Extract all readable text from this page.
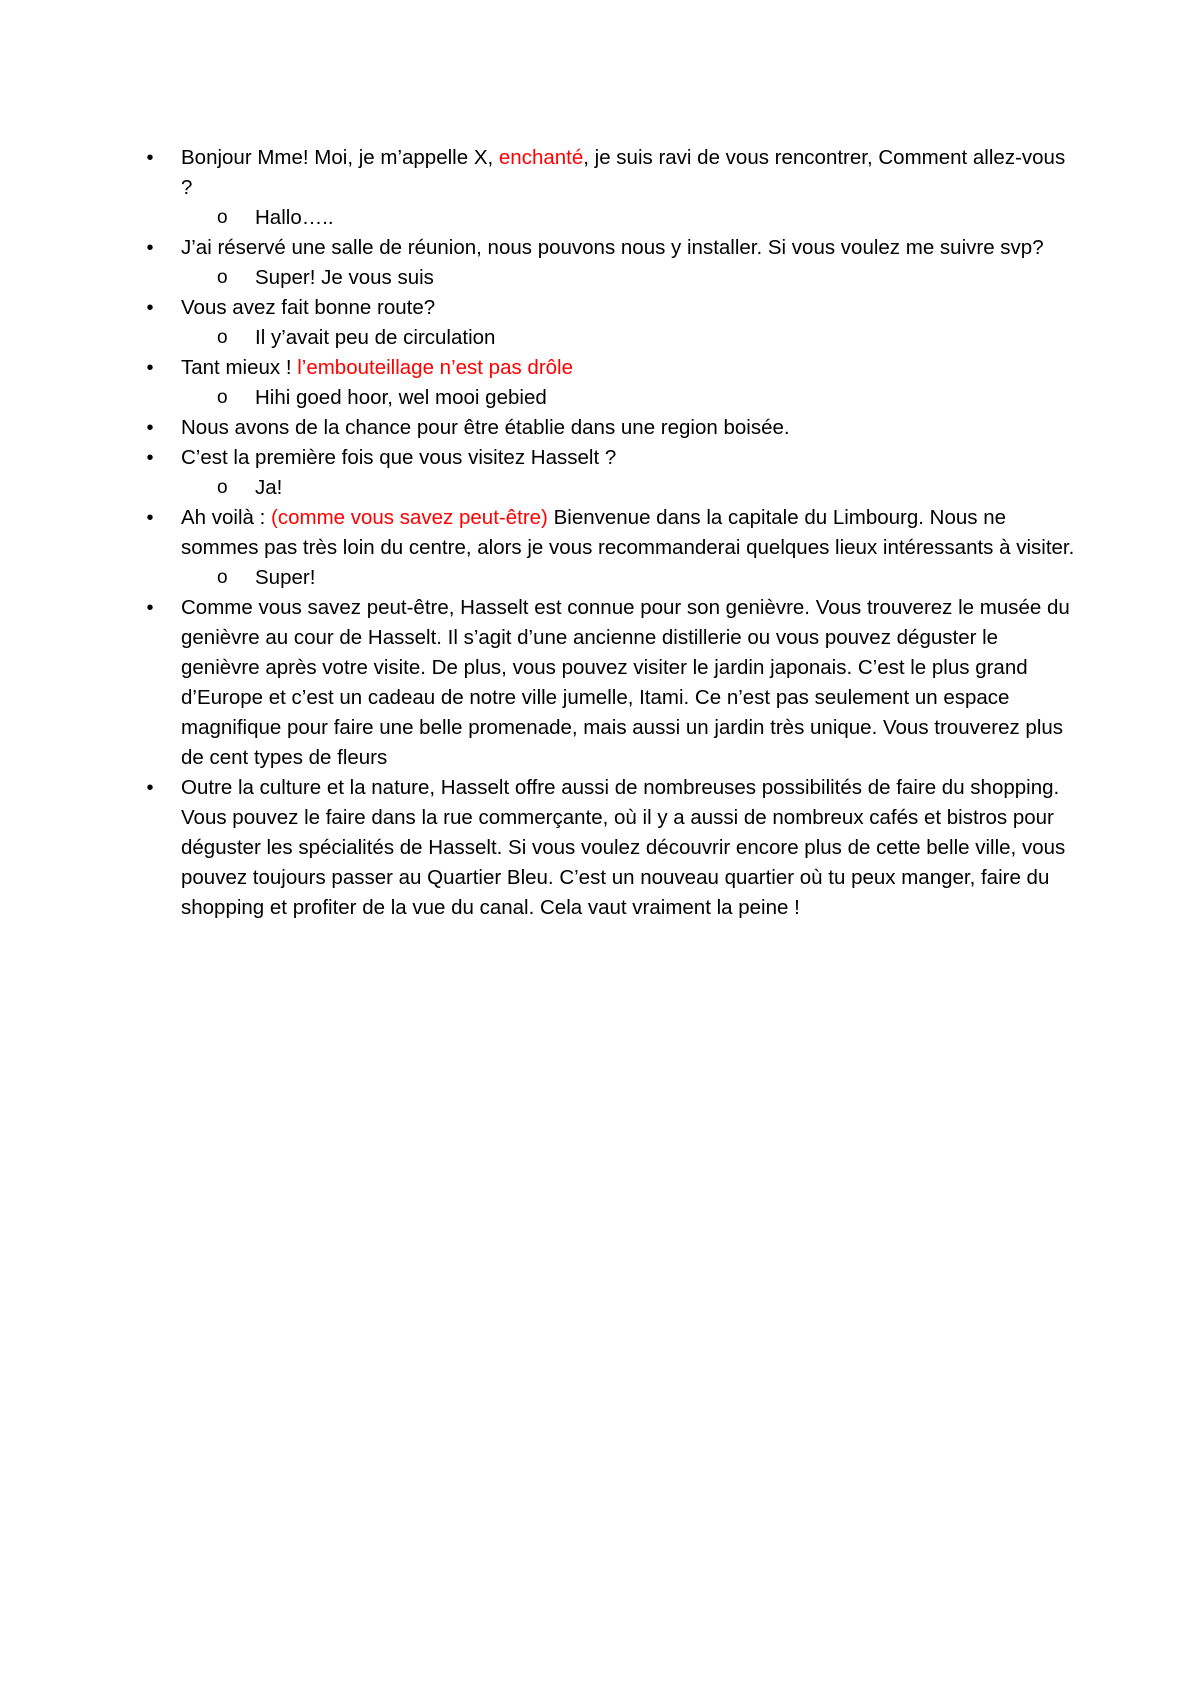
• Bonjour Mme! Moi, je m’appelle X, enchanté, je suis ravi de vous rencontrer, Comment allez-vous ?
o Hallo…..
• J’ai réservé une salle de réunion, nous pouvons nous y installer. Si vous voulez me suivre svp?
o Super! Je vous suis
• Vous avez fait bonne route?
o Il y’avait peu de circulation
• Tant mieux ! l’embouteillage n’est pas drôle
o Hihi goed hoor, wel mooi gebied
• Nous avons de la chance pour être établie dans une region boisée.
• C’est la première fois que vous visitez Hasselt ?
o Ja!
• Ah voilà : (comme vous savez peut-être) Bienvenue dans la capitale du Limbourg. Nous ne sommes pas très loin du centre, alors je vous recommanderai quelques lieux intéressants à visiter.
o Super!
• Comme vous savez peut-être, Hasselt est connue pour son genièvre. Vous trouverez le musée du genièvre au cour de Hasselt. Il s’agit d’une ancienne distillerie ou vous pouvez déguster le genièvre après votre visite. De plus, vous pouvez visiter le jardin japonais. C’est le plus grand d’Europe et c’est un cadeau de notre ville jumelle, Itami. Ce n’est pas seulement un espace magnifique pour faire une belle promenade, mais aussi un jardin très unique. Vous trouverez plus de cent types de fleurs
• Outre la culture et la nature, Hasselt offre aussi de nombreuses possibilités de faire du shopping. Vous pouvez le faire dans la rue commerçante, où il y a aussi de nombreux cafés et bistros pour déguster les spécialités de Hasselt. Si vous voulez découvrir encore plus de cette belle ville, vous pouvez toujours passer au Quartier Bleu. C’est un nouveau quartier où tu peux manger, faire du shopping et profiter de la vue du canal. Cela vaut vraiment la peine !
